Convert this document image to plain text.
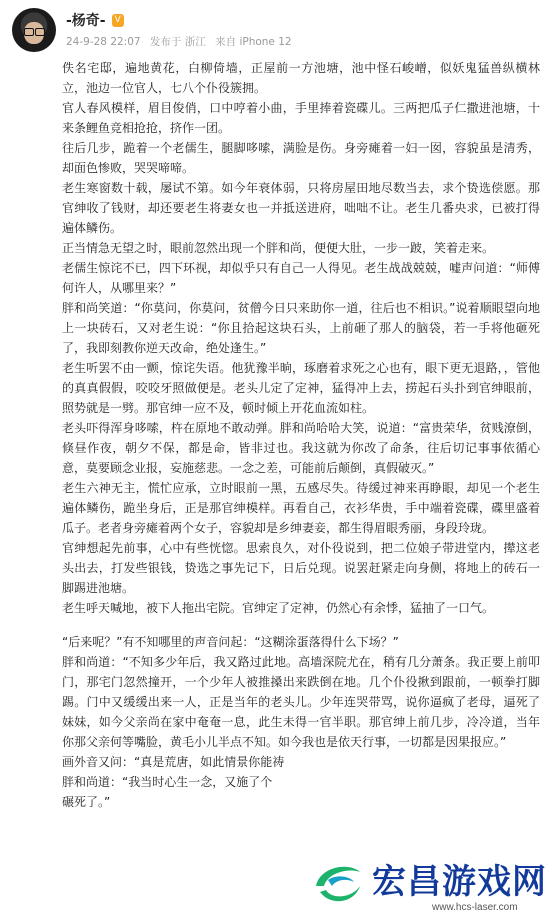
-杨奇-	V
24-9-28 22:07 发布于 浙江 来自 iPhone 12

佚名宅邸，遍地黄花，白柳倚墙，正屋前一方池塘，池中怪石峻嶒，似妖鬼猛兽纵横林立，池边一位官人，七八个仆役簇拥。

官人春风模样，眉目俊俏，口中哼着小曲，手里捧着瓷碟儿。三两把瓜子仁撒进池塘，十来条鲤鱼竞相抢抢，挤作一团。

往后几步，跪着一个老儒生，腿脚哆嗦，满脸是伤。身旁瘫着一妇一囡，容貌虽是清秀，却面色惨败，哭哭啼啼。

老生寒窗数十载，屡试不第。如今年衰体弱，只将房屋田地尽数当去，求个贽选偿愿。那官绅收了钱财，却还要老生将妻女也一并抵送进府，咄咄不让。老生几番央求，已被打得遍体鳞伤。

正当情急无望之时，眼前忽然出现一个胖和尚，便便大肚，一步一跛，笑着走来。

老儒生惊诧不已，四下环视，却似乎只有自己一人得见。老生战战兢兢，嘘声问道：“师傅何许人，从哪里来？”

胖和尚笑道：“你莫问，你莫问，贫僧今日只来助你一道，往后也不相识。”说着顺眼望向地上一块砖石，又对老生说：“你且拾起这块石头，上前砸了那人的脑袋，若一手将他砸死了，我即刻教你逆天改命，绝处逢生。”

老生听罢不由一颤，惊诧失语。他犹豫半晌，琢磨着求死之心也有，眼下更无退路，，管他的真真假假，咬咬牙照做便是。老头儿定了定神，猛得冲上去，捞起石头扑到官绅眼前，照势就是一劈。那官绅一应不及，顿时倾上开花血流如柱。

老头吓得浑身哆嗦，杵在原地不敢动弹。胖和尚哈哈大笑，说道：“富贵荣华，贫贱潦倒，倏昼作夜，朝夕不保，都是命，皆非过也。我这就为你改了命条，往后切记事事依循心意，莫要顾念业报，妄施慈悲。一念之差，可能前后颠倒，真假破灭。”

老生六神无主，慌忙应承，立时眼前一黑，五感尽失。待缓过神来再睁眼，却见一个老生遍体鳞伤，跪坐身后，正是那官绅模样。再看自己，衣衫华贵，手中端着瓷碟，碟里盛着瓜子。老者身旁瘫着两个女子，容貌却是乡绅妻妾，都生得眉眼秀丽，身段玲珑。

官绅想起先前事，心中有些恍惚。思索良久，对仆役说到，把二位娘子带进堂内，撵这老头出去，打发些银钱，贽选之事先记下，日后兑现。说罢赶紧走向身侧，将地上的砖石一脚踢进池塘。

老生呼天喊地，被下人拖出宅院。官绅定了定神，仍然心有余悸，猛抽了一口气。

“后来呢？”有不知哪里的声音问起：“这糊涂蛋落得什么下场？”

胖和尚道：“不知多少年后，我又路过此地。高墙深院尤在，稍有几分萧条。我正要上前叩门，那宅门忽然撞开，一个少年人被推搡出来跌倒在地。几个仆役揪到跟前，一顿拳打脚踢。门中又缓缓出来一人，正是当年的老头儿。少年连哭带骂，说你逼疯了老母，逼死了妹妹，如今父亲尚在家中奄奄一息，此生未得一官半职。那官绅上前几步，冷冷道，当年你那父亲何等嘴脸，黄毛小儿半点不知。如今我也是依天行事，一切都是因果报应。”

画外音又问：“真是荒唐，如此情景你能祷

胖和尚道：“我当时心生一念，又施了个

碾死了。”

宏昌游戏网
www.hcs-laser.com
